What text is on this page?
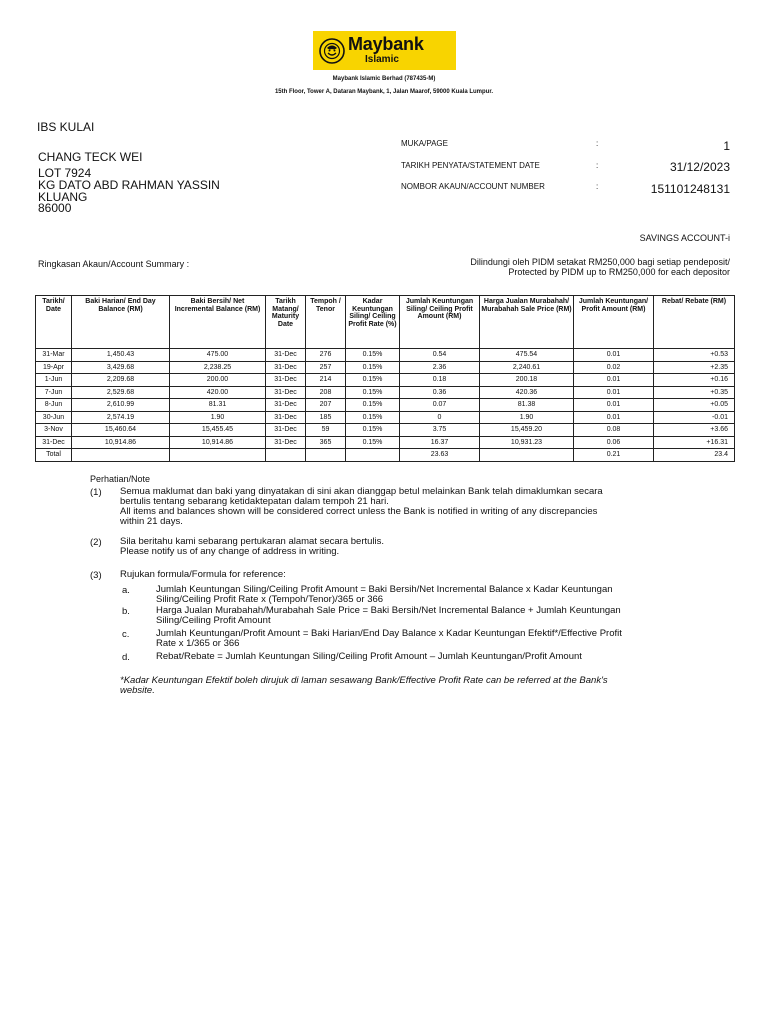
Maybank
Islamic
Maybank Islamic Berhad (787435-M)
15th Floor, Tower A, Dataran Maybank, 1, Jalan Maarof, 59000 Kuala Lumpur.
IBS KULAI
CHANG TECK WEI
LOT 7924
KG DATO ABD RAHMAN YASSIN
KLUANG
86000
MUKA/PAGE	:	1
TARIKH PENYATA/STATEMENT DATE	:	31/12/2023
NOMBOR AKAUN/ACCOUNT NUMBER	:	151101248131
SAVINGS ACCOUNT-i
Ringkasan Akaun/Account Summary :	Dilindungi oleh PIDM setakat RM250,000 bagi setiap pendeposit/
Protected by PIDM up to RM250,000 for each depositor
Tarikh/ Date	Baki Harian/ End Day Balance (RM)	Baki Bersih/ Net Incremental Balance (RM)	Tarikh Matang/ Maturity Date	Tempoh / Tenor	Kadar Keuntungan Siling/ Ceiling Profit Rate (%)	Jumlah Keuntungan Siling/ Ceiling Profit Amount (RM)	Harga Jualan Murabahah/ Murabahah Sale Price (RM)	Jumlah Keuntungan/ Profit Amount (RM)	Rebat/ Rebate (RM)
31-Mar	1,450.43	475.00	31-Dec	276	0.15%	0.54	475.54	0.01	+0.53
19-Apr	3,429.68	2,238.25	31-Dec	257	0.15%	2.36	2,240.61	0.02	+2.35
1-Jun	2,209.68	200.00	31-Dec	214	0.15%	0.18	200.18	0.01	+0.16
7-Jun	2,529.68	420.00	31-Dec	208	0.15%	0.36	420.36	0.01	+0.35
8-Jun	2,610.99	81.31	31-Dec	207	0.15%	0.07	81.38	0.01	+0.05
30-Jun	2,574.19	1.90	31-Dec	185	0.15%	0	1.90	0.01	-0.01
3-Nov	15,460.64	15,455.45	31-Dec	59	0.15%	3.75	15,459.20	0.08	+3.66
31-Dec	10,914.86	10,914.86	31-Dec	365	0.15%	16.37	10,931.23	0.06	+16.31
Total						23.63		0.21	23.4
Perhatian/Note
(1) Semua maklumat dan baki yang dinyatakan di sini akan dianggap betul melainkan Bank telah dimaklumkan secara
bertulis tentang sebarang ketidaktepatan dalam tempoh 21 hari.
All items and balances shown will be considered correct unless the Bank is notified in writing of any discrepancies
within 21 days.
(2) Sila beritahu kami sebarang pertukaran alamat secara bertulis.
Please notify us of any change of address in writing.
(3) Rujukan formula/Formula for reference:
a.	Jumlah Keuntungan Siling/Ceiling Profit Amount = Baki Bersih/Net Incremental Balance x Kadar Keuntungan
Siling/Ceiling Profit Rate x (Tempoh/Tenor)/365 or 366
b.	Harga Jualan Murabahah/Murabahah Sale Price = Baki Bersih/Net Incremental Balance + Jumlah Keuntungan
Siling/Ceiling Profit Amount
c.	Jumlah Keuntungan/Profit Amount = Baki Harian/End Day Balance x Kadar Keuntungan Efektif*/Effective Profit
Rate x 1/365 or 366
d.	Rebat/Rebate = Jumlah Keuntungan Siling/Ceiling Profit Amount – Jumlah Keuntungan/Profit Amount
*Kadar Keuntungan Efektif boleh dirujuk di laman sesawang Bank/Effective Profit Rate can be referred at the Bank's
website.
